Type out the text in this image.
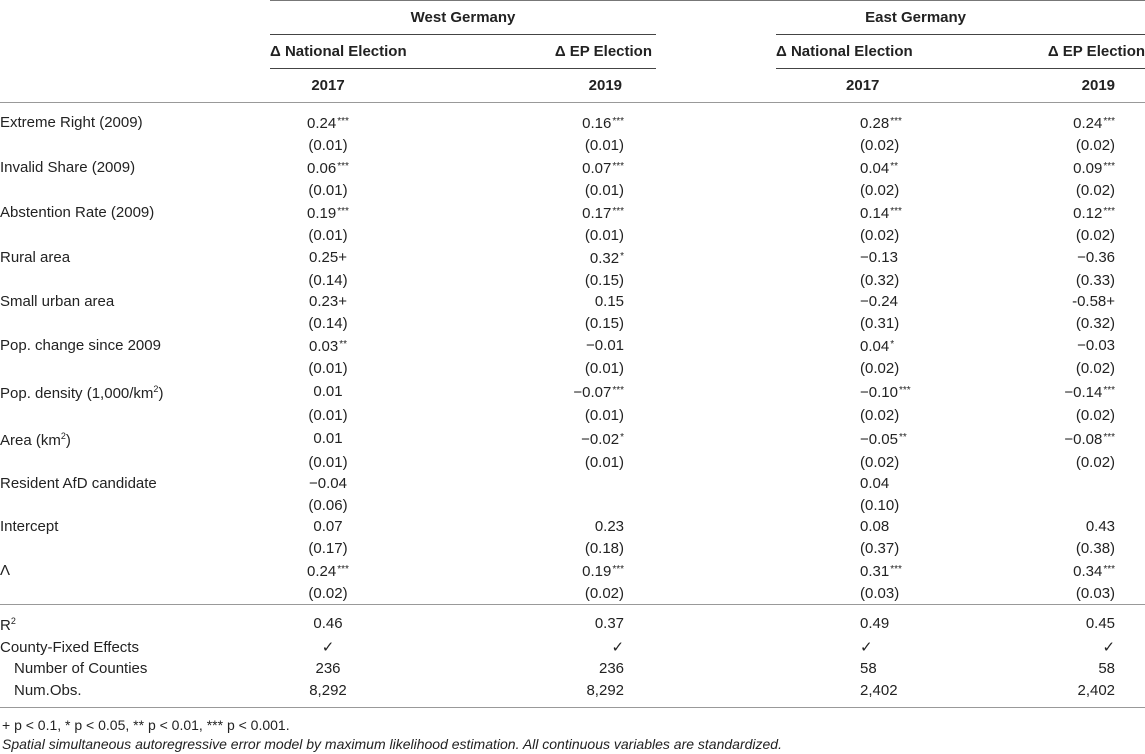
	West Germany		East Germany		
	Δ National Election	Δ EP Election		Δ National Election	Δ EP Election
	2017	2019		2017	2019
Extreme Right (2009)	0.24***	0.16***		0.28***	0.24***
	(0.01)	(0.01)		(0.02)	(0.02)
Invalid Share (2009)	0.06***	0.07***		0.04**	0.09***
	(0.01)	(0.01)		(0.02)	(0.02)
Abstention Rate (2009)	0.19***	0.17***		0.14***	0.12***
	(0.01)	(0.01)		(0.02)	(0.02)
Rural area	0.25+	0.32*		−0.13	−0.36
	(0.14)	(0.15)		(0.32)	(0.33)
Small urban area	0.23+	0.15		−0.24	-0.58+
	(0.14)	(0.15)		(0.31)	(0.32)
Pop. change since 2009	0.03**	−0.01		0.04*	−0.03
	(0.01)	(0.01)		(0.02)	(0.02)
Pop. density $(1,000/km^2)$	0.01	−0.07***		−0.10***	−0.14***
	(0.01)	(0.01)		(0.02)	(0.02)
Area $(km^2)$	0.01	−0.02*		−0.05**	−0.08***
	(0.01)	(0.01)		(0.02)	(0.02)
Resident AfD candidate	−0.04			0.04	
	(0.06)			(0.10)	
Intercept	0.07	0.23		0.08	0.43
	(0.17)	(0.18)		(0.37)	(0.38)
Λ	0.24***	0.19***		0.31***	0.34***
	(0.02)	(0.02)		(0.03)	(0.03)
$R^2$	0.46	0.37		0.49	0.45
County-Fixed Effects	✓	✓		✓	✓
Number of Counties	236	236		58	58
Num.Obs.	8,292	8,292		2,402	2,402
+ p < 0.1, * p < 0.05, ** p < 0.01, *** p < 0.001.
Spatial simultaneous autoregressive error model by maximum likelihood estimation. All continuous variables are standardized.
